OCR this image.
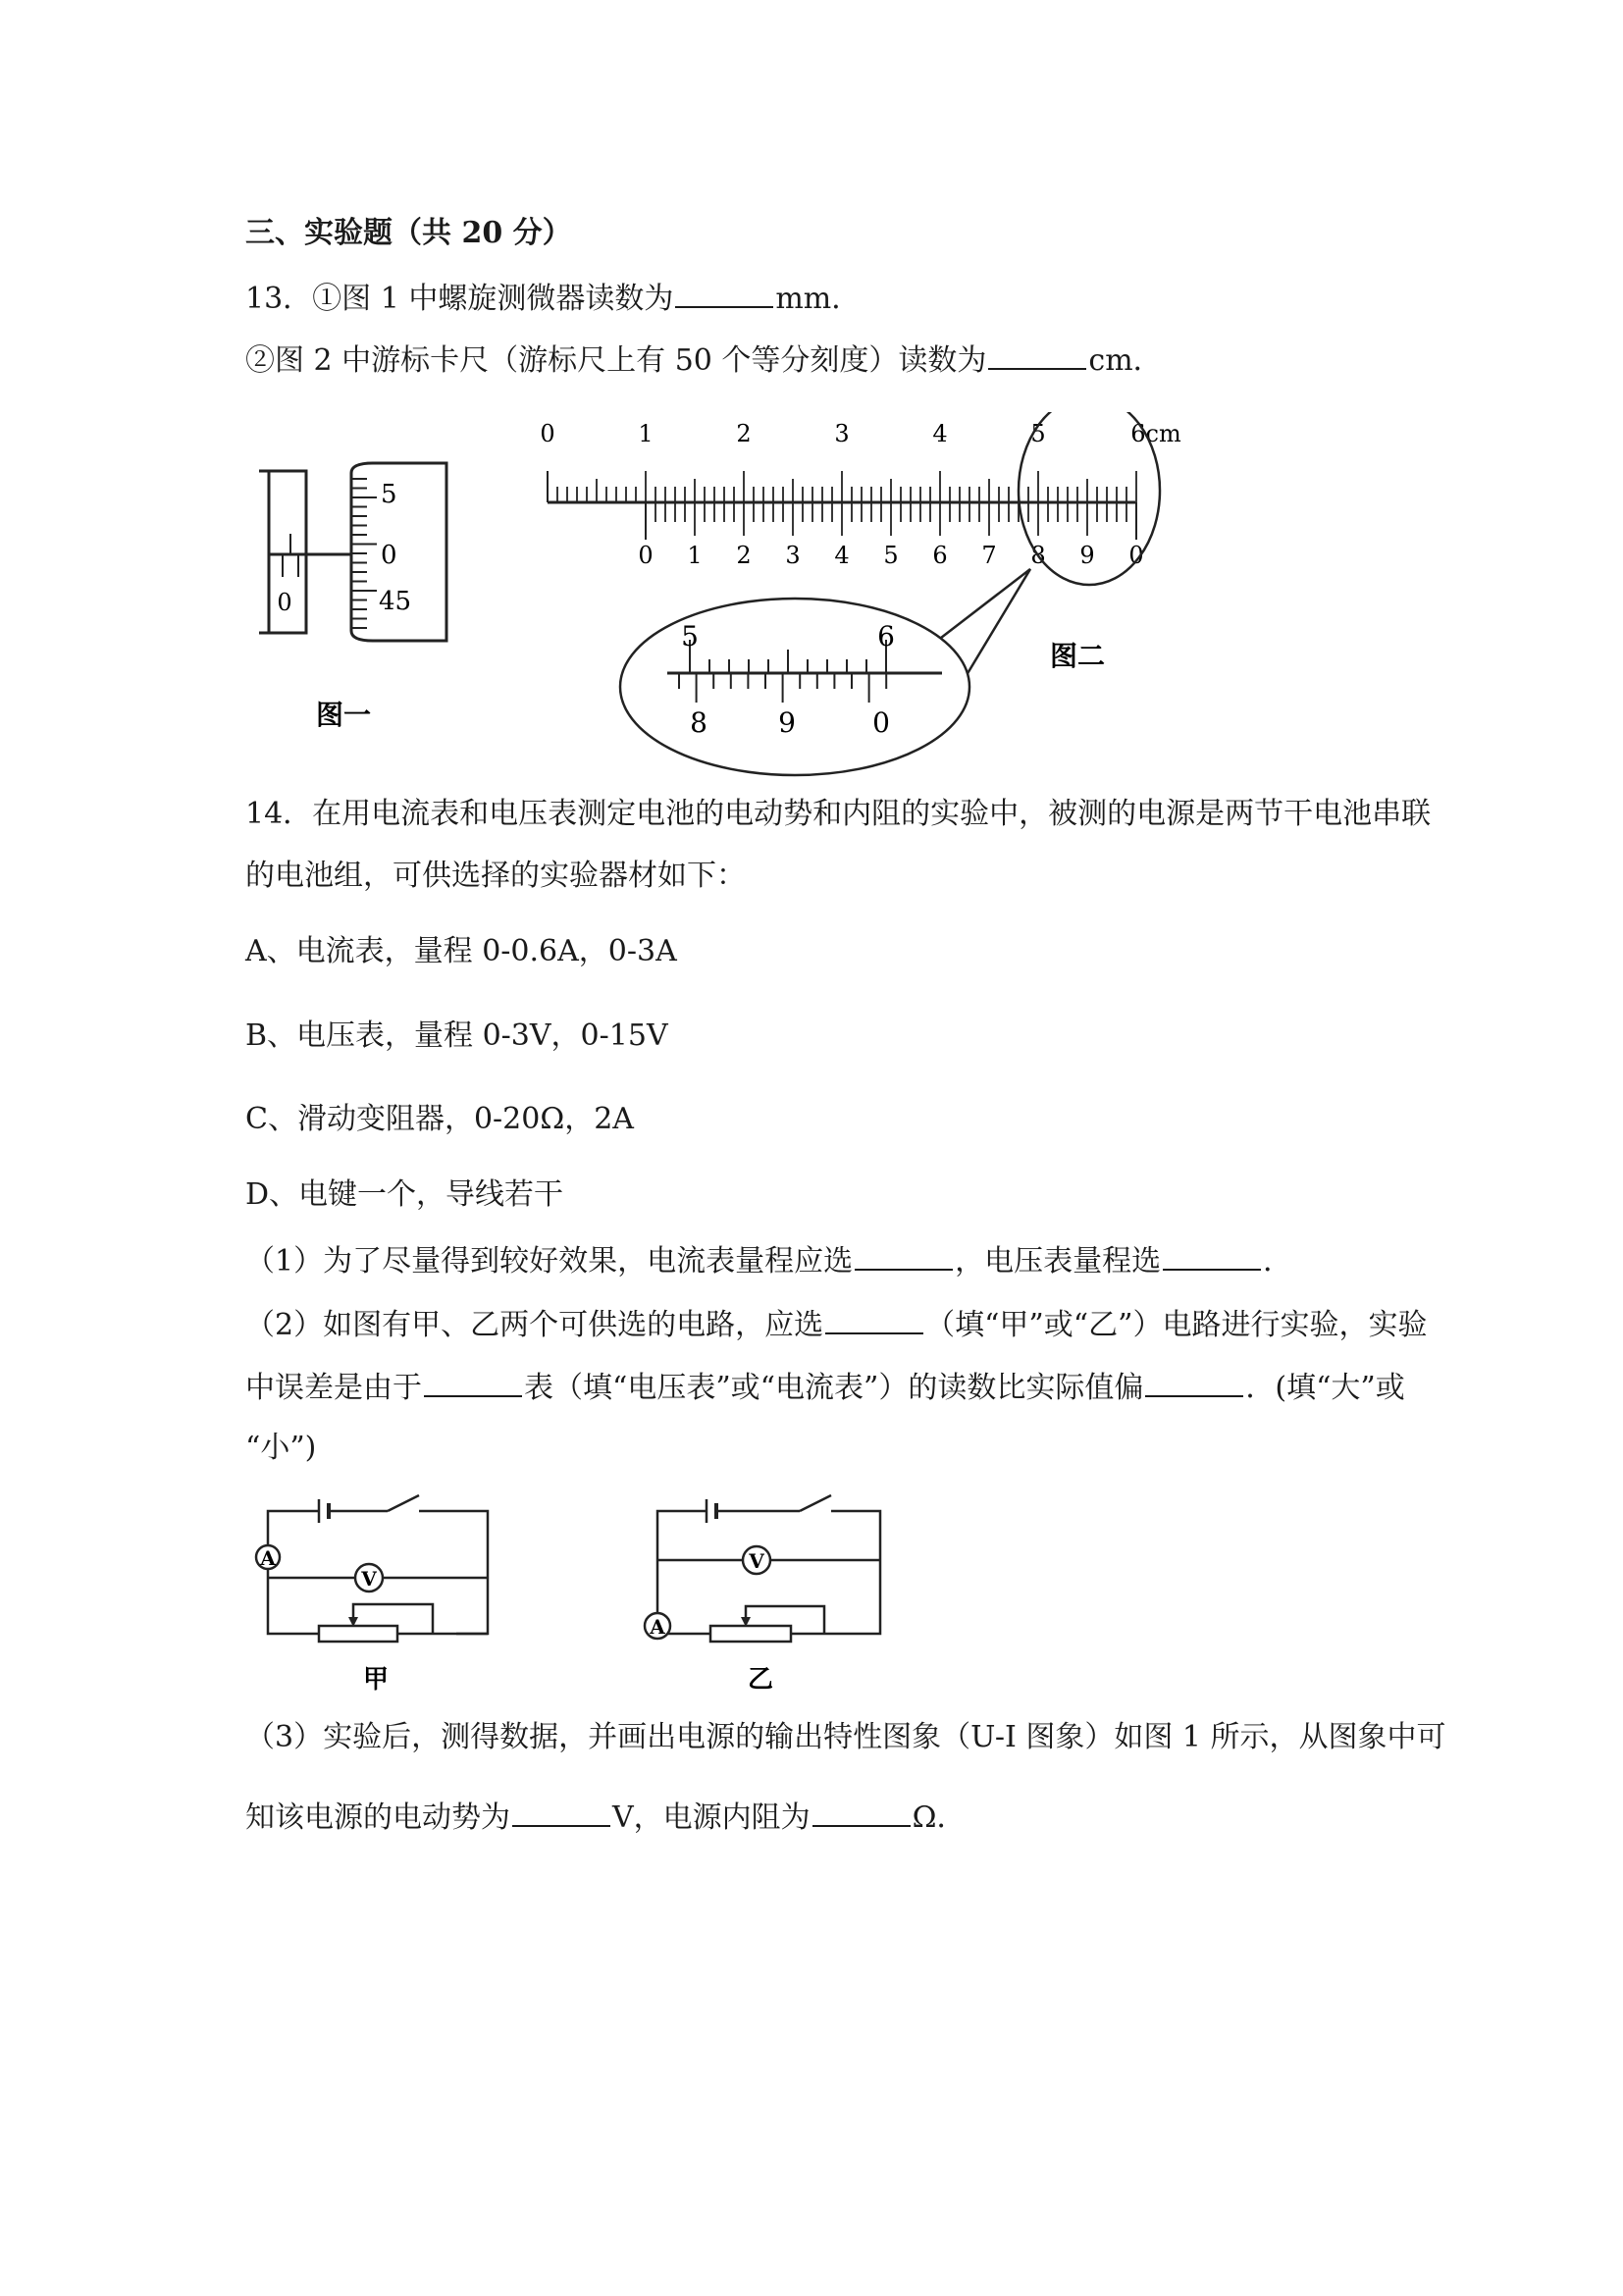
三、实验题（共 20 分）
13．①图 1 中螺旋测微器读数为	mm．
②图 2 中游标卡尺（游标尺上有 50 个等分刻度）读数为	cm．
0
5
0
45
图一
0	1	2	3	4	5	6cm
0 1 2 3 4 5 6 7 8 9 0
5	6
8	9	0
图二
14．在用电流表和电压表测定电池的电动势和内阻的实验中，被测的电源是两节干电池串联
的电池组，可供选择的实验器材如下：
A、电流表，量程 0-0.6A，0-3A
B、电压表，量程 0-3V，0-15V
C、滑动变阻器，0-20Ω，2A
D、电键一个，导线若干
（1）为了尽量得到较好效果，电流表量程应选	，电压表量程选	．
（2）如图有甲、乙两个可供选的电路，应选	（填“甲”或“乙”）电路进行实验，实验
中误差是由于	表（填“电压表”或“电流表”）的读数比实际值偏	．(填“大”或
“小”)
A
V
甲
A
V
乙
（3）实验后，测得数据，并画出电源的输出特性图象（U-I 图象）如图 1 所示，从图象中可
知该电源的电动势为	V，电源内阻为	Ω．
